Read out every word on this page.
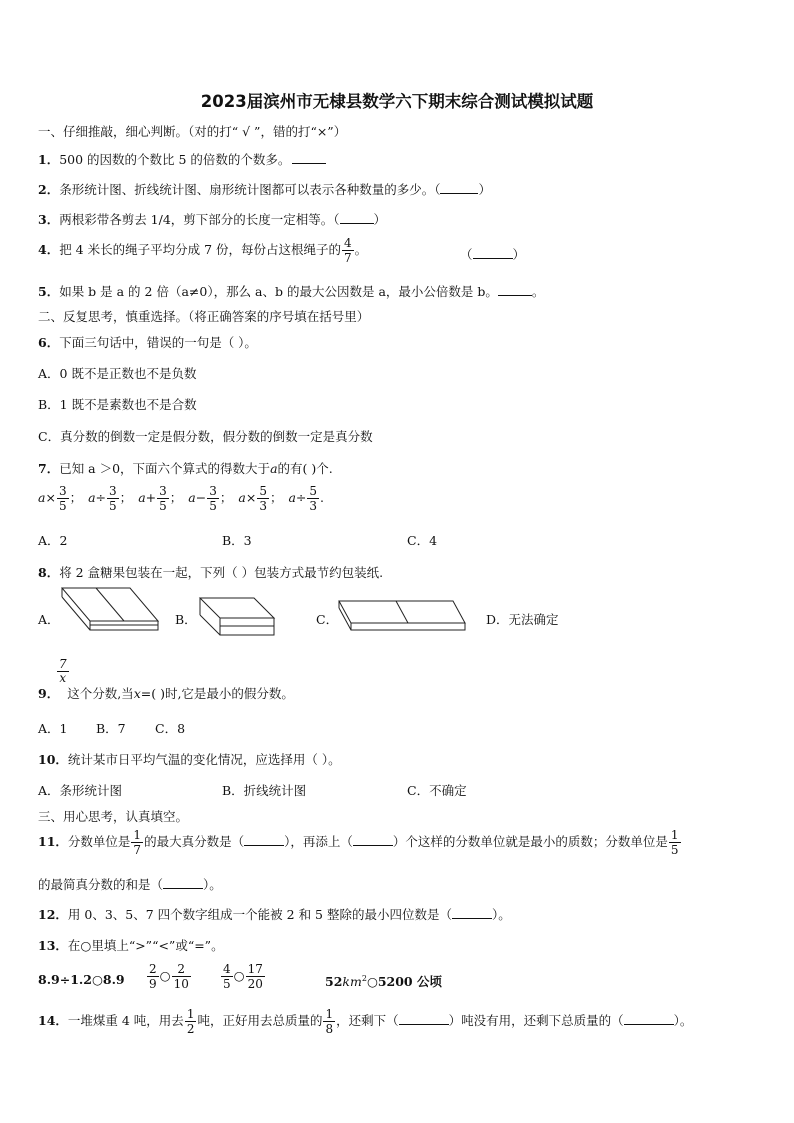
2023届滨州市无棣县数学六下期末综合测试模拟试题
一、仔细推敲，细心判断。（对的打“ √ ”，错的打“×”）
1．500 的因数的个数比 5 的倍数的个数多。
2．条形统计图、折线统计图、扇形统计图都可以表示各种数量的多少。（	）
3．两根彩带各剪去 1/4，剪下部分的长度一定相等。（	）
4．把 4 米长的绳子平均分成 7 份，每份占这根绳子的 $\frac{4}{7}$ 。	（	）
5．如果 b 是 a 的 2 倍（a≠0），那么 a、b 的最大公因数是 a，最小公倍数是 b。	。
二、反复思考，慎重选择。（将正确答案的序号填在括号里）
6．下面三句话中，错误的一句是（ ）。
A．0 既不是正数也不是负数
B．1 既不是素数也不是合数
C．真分数的倒数一定是假分数，假分数的倒数一定是真分数
7．已知 a ＞0，下面六个算式的得数大于a的有( )个.
$a\times \frac{3}{5}$ ； $a\div \frac{3}{5}$ ； $a+ \frac{3}{5}$ ； $a- \frac{3}{5}$ ； $a\times \frac{5}{3}$ ； $a\div \frac{5}{3}$ .
A．2	B．3	C．4
8．将 2 盒糖果包装在一起，下列（ ）包装方式最节约包装纸.
A．	B．	C．	D．无法确定
$\frac{7}{x}$
9． 这个分数,当x=( )时,它是最小的假分数。
A．1 B．7 C．8
10．统计某市日平均气温的变化情况，应选择用（ ）。
A．条形统计图	B．折线统计图	C．不确定
三、用心思考，认真填空。
11．分数单位是 $\frac{1}{7}$ 的最大真分数是（	），再添上（	）个这样的分数单位就是最小的质数；分数单位是 $\frac{1}{5}$
的最简真分数的和是（	）。
12．用 0、3、5、7 四个数字组成一个能被 2 和 5 整除的最小四位数是（	）。
13．在○里填上“>”“<”或“=”。
8.9÷1.2○8.9 $\frac{2}{9}$ ○ $\frac{2}{10}$	$\frac{4}{5}$ ○ $\frac{17}{20}$	$52km^2○5200$ 公顷
14．一堆煤重 4 吨，用去 $\frac{1}{2}$ 吨，正好用去总质量的 $\frac{1}{8}$ ，还剩下（	）吨没有用，还剩下总质量的（	）。
